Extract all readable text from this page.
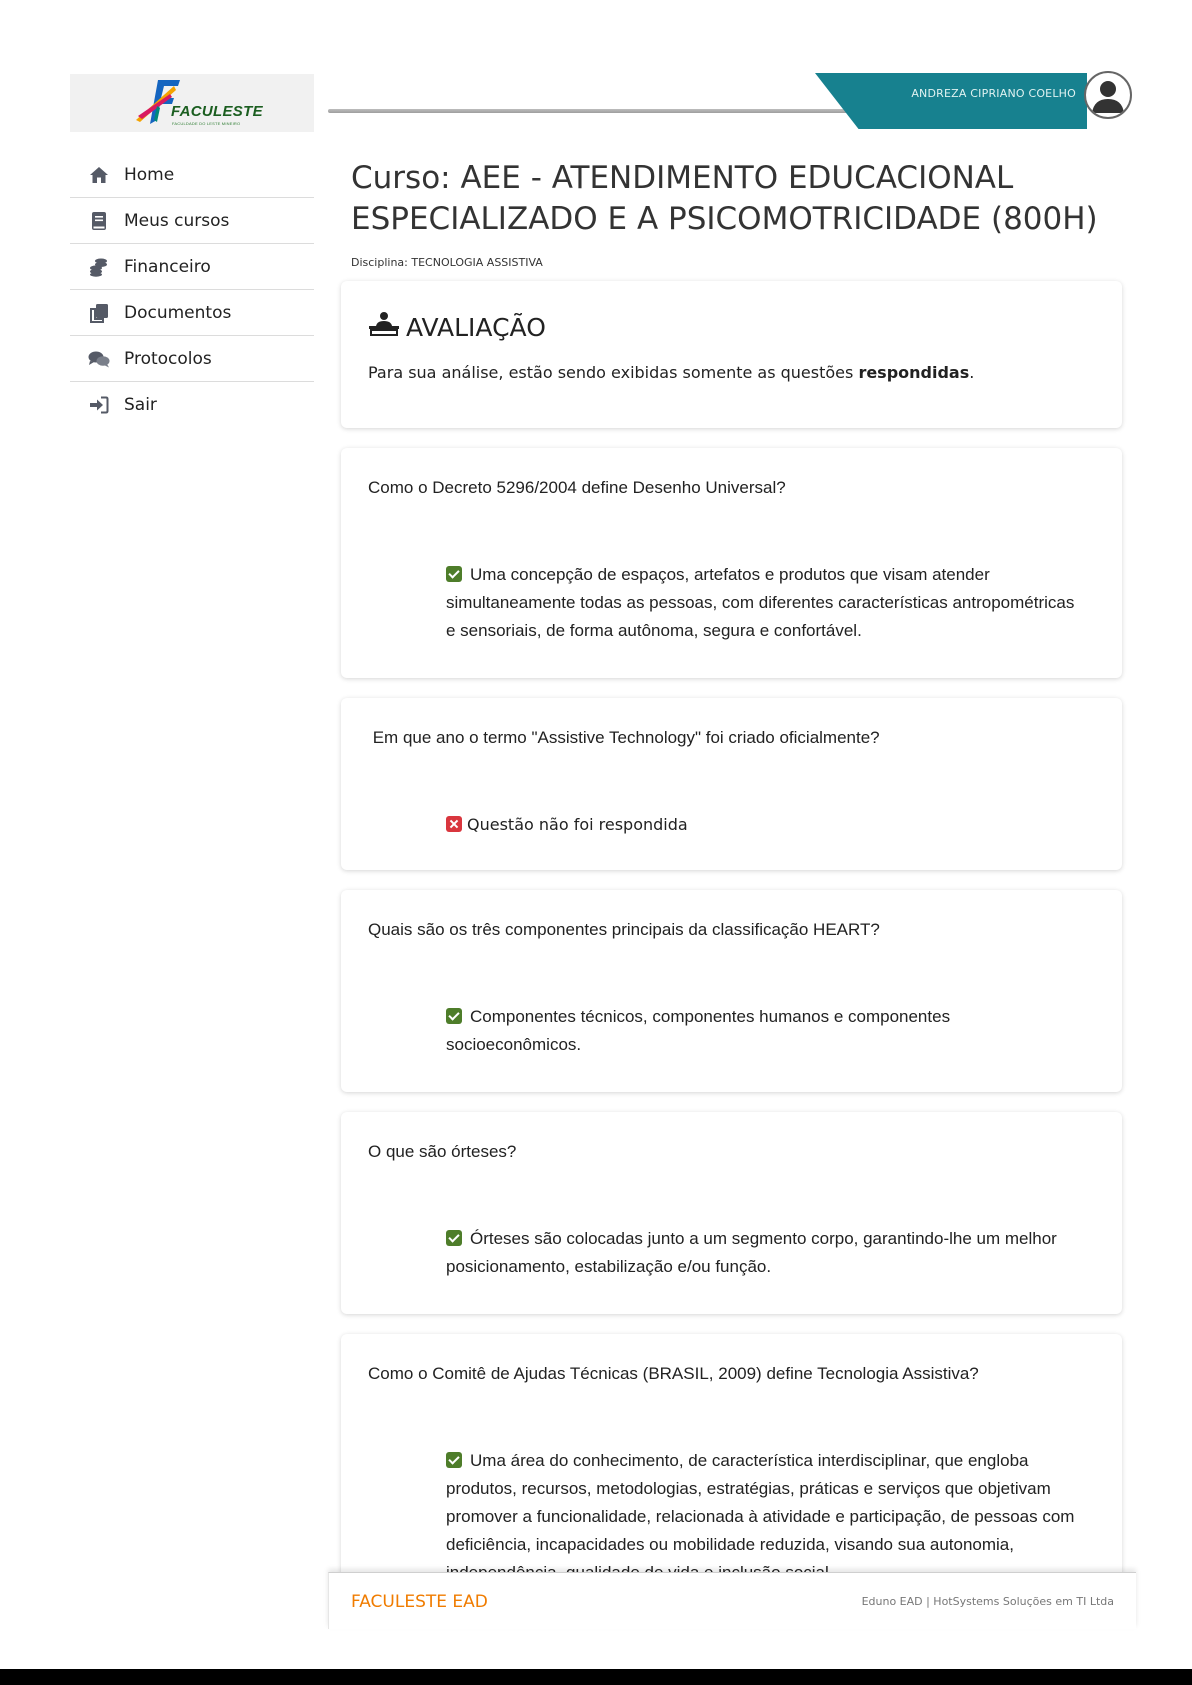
FACULESTE
FACULDADE DO LESTE MINEIRO
Home
Meus cursos
Financeiro
Documentos
Protocolos
Sair
ANDREZA CIPRIANO COELHO
Curso: AEE - ATENDIMENTO EDUCACIONAL ESPECIALIZADO E A PSICOMOTRICIDADE (800H)
Disciplina: TECNOLOGIA ASSISTIVA
AVALIAÇÃO

Para sua análise, estão sendo exibidas somente as questões respondidas.

Como o Decreto 5296/2004 define Desenho Universal?
Uma concepção de espaços, artefatos e produtos que visam atender simultaneamente todas as pessoas, com diferentes características antropométricas e sensoriais, de forma autônoma, segura e confortável.
Em que ano o termo "Assistive Technology" foi criado oficialmente?
Questão não foi respondida
Quais são os três componentes principais da classificação HEART?
Componentes técnicos, componentes humanos e componentes socioeconômicos.
O que são órteses?
Órteses são colocadas junto a um segmento corpo, garantindo-lhe um melhor posicionamento, estabilização e/ou função.
Como o Comitê de Ajudas Técnicas (BRASIL, 2009) define Tecnologia Assistiva?
Uma área do conhecimento, de característica interdisciplinar, que engloba produtos, recursos, metodologias, estratégias, práticas e serviços que objetivam promover a funcionalidade, relacionada à atividade e participação, de pessoas com deficiência, incapacidades ou mobilidade reduzida, visando sua autonomia,
FACULESTE EAD	Eduno EAD | HotSystems Soluções em TI Ltda
